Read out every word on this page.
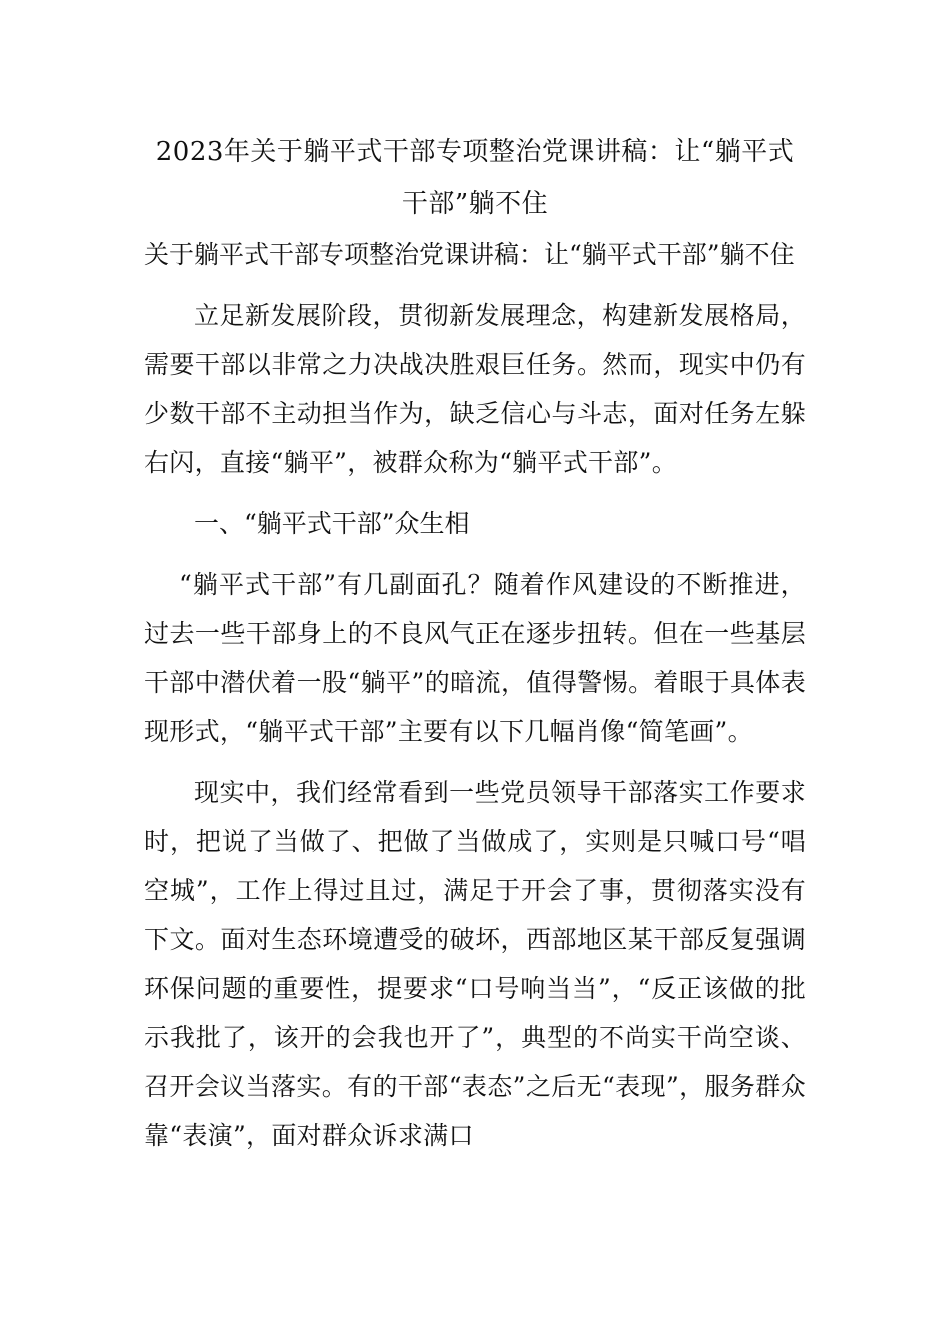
2023年关于躺平式干部专项整治党课讲稿：让“躺平式干部”躺不住

关于躺平式干部专项整治党课讲稿：让“躺平式干部”躺不住

立足新发展阶段，贯彻新发展理念，构建新发展格局，需要干部以非常之力决战决胜艰巨任务。然而，现实中仍有少数干部不主动担当作为，缺乏信心与斗志，面对任务左躲右闪，直接“躺平”，被群众称为“躺平式干部”。

一、“躺平式干部”众生相

“躺平式干部”有几副面孔？随着作风建设的不断推进，过去一些干部身上的不良风气正在逐步扭转。但在一些基层干部中潜伏着一股“躺平”的暗流，值得警惕。着眼于具体表现形式，“躺平式干部”主要有以下几幅肖像“简笔画”。

现实中，我们经常看到一些党员领导干部落实工作要求时，把说了当做了、把做了当做成了，实则是只喊口号“唱空城”，工作上得过且过，满足于开会了事，贯彻落实没有下文。面对生态环境遭受的破坏，西部地区某干部反复强调环保问题的重要性，提要求“口号响当当”，“反正该做的批示我批了，该开的会我也开了”，典型的不尚实干尚空谈、召开会议当落实。有的干部“表态”之后无“表现”，服务群众靠“表演”，面对群众诉求满口
